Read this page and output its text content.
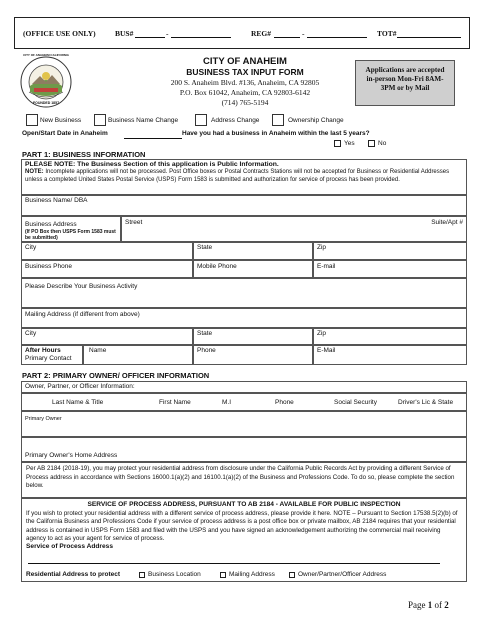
(OFFICE USE ONLY)	BUS#	-	REG#	-	TOT#
CITY OF ANAHEIM CALIFORNIA
FOUNDED 1857
CITY OF ANAHEIM
BUSINESS TAX INPUT FORM
200 S. Anaheim Blvd. #136, Anaheim, CA 92805
P.O. Box 61042, Anaheim, CA 92803-6142
(714) 765-5194
Applications are accepted in-person Mon-Fri 8AM-3PM or by Mail
New Business	Business Name Change	Address Change	Ownership Change
Open/Start Date in Anaheim	Have you had a business in Anaheim within the last 5 years?
Yes	No
PART 1: BUSINESS INFORMATION
PLEASE NOTE: The Business Section of this application is Public Information.
NOTE: Incomplete applications will not be processed. Post Office boxes or Postal Contracts Stations will not be accepted for Business or Residential Addresses unless a completed United States Postal Service (USPS) Form 1583 is submitted and authorization for service of process has been provided.
Business Name/ DBA
Business Address
(If PO Box then USPS Form 1583 must be submitted)
Street	Suite/Apt #
City	State	Zip
Business Phone	Mobile Phone	E-mail
Please Describe Your Business Activity
Mailing Address (if different from above)
City	State	Zip
After Hours
Primary Contact
Name	Phone	E-Mail
PART 2: PRIMARY OWNER/ OFFICER INFORMATION
Owner, Partner, or Officer Information:
Last Name & Title	First Name	M.I	Phone	Social Security	Driver's Lic & State
Primary Owner
Primary Owner's Home Address
Per AB 2184 (2018-19), you may protect your residential address from disclosure under the California Public Records Act by providing a different Service of Process address in accordance with Sections 16000.1(a)(2) and 16100.1(a)(2) of the Business and Professions Code. To do so, please complete the section below.
SERVICE OF PROCESS ADDRESS, PURSUANT TO AB 2184 - AVAILABLE FOR PUBLIC INSPECTION
If you wish to protect your residential address with a different service of process address, please provide it here. NOTE – Pursuant to Section 17538.5(2)(b) of the California Business and Professions Code if your service of process address is a post office box or private mailbox, AB 2184 requires that your residential address is contained in USPS Form 1583 and filed with the USPS and you have signed an acknowledgement authorizing the commercial mail receiving agency to act as your agent for service of process.
Service of Process Address
Residential Address to protect	Business Location	Mailing Address	Owner/Partner/Officer Address
Page 1 of 2
